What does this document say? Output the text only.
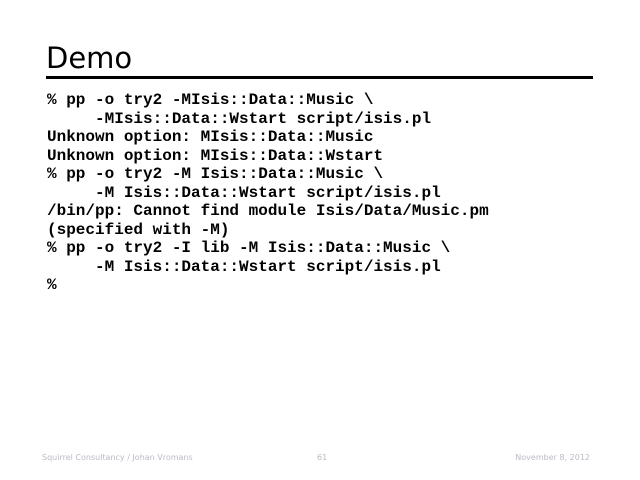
Demo
% pp -o try2 -MIsis::Data::Music \
-MIsis::Data::Wstart script/isis.pl
Unknown option: MIsis::Data::Music
Unknown option: MIsis::Data::Wstart
% pp -o try2 -M Isis::Data::Music \
-M Isis::Data::Wstart script/isis.pl
/bin/pp: Cannot find module Isis/Data/Music.pm
(specified with -M)
% pp -o try2 -I lib -M Isis::Data::Music \
-M Isis::Data::Wstart script/isis.pl
%
Squirrel Consultancy / Johan Vromans	61	November 8, 2012
